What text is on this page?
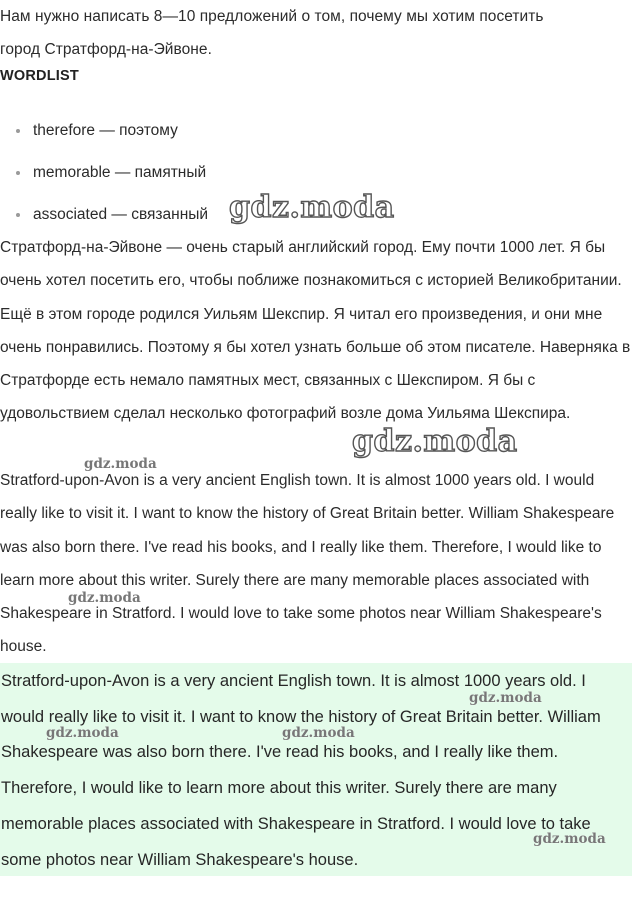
Нам нужно написать 8—10 предложений о том, почему мы хотим посетить

город Стратфорд-на-Эйвоне.

WORDLIST
therefore — поэтому
memorable — памятный
associated — связанный

Стратфорд-на-Эйвоне — очень старый английский город. Ему почти 1000 лет. Я бы очень хотел посетить его, чтобы поближе познакомиться с историей Великобритании. Ещё в этом городе родился Уильям Шекспир. Я читал его произведения, и они мне очень понравились. Поэтому я бы хотел узнать больше об этом писателе. Наверняка в Стратфорде есть немало памятных мест, связанных с Шекспиром. Я бы с удовольствием сделал несколько фотографий возле дома Уильяма Шекспира.

Stratford-upon-Avon is a very ancient English town. It is almost 1000 years old. I would really like to visit it. I want to know the history of Great Britain better. William Shakespeare was also born there. I've read his books, and I really like them. Therefore, I would like to learn more about this writer. Surely there are many memorable places associated with Shakespeare in Stratford. I would love to take some photos near William Shakespeare's house.

Stratford-upon-Avon is a very ancient English town. It is almost 1000 years old. I would really like to visit it. I want to know the history of Great Britain better. William Shakespeare was also born there. I've read his books, and I really like them. Therefore, I would like to learn more about this writer. Surely there are many memorable places associated with Shakespeare in Stratford. I would love to take some photos near William Shakespeare's house.

gdz.moda
gdz.moda
gdz.moda
gdz.moda
gdz.moda	gdz.moda
gdz.moda
gdz.moda
